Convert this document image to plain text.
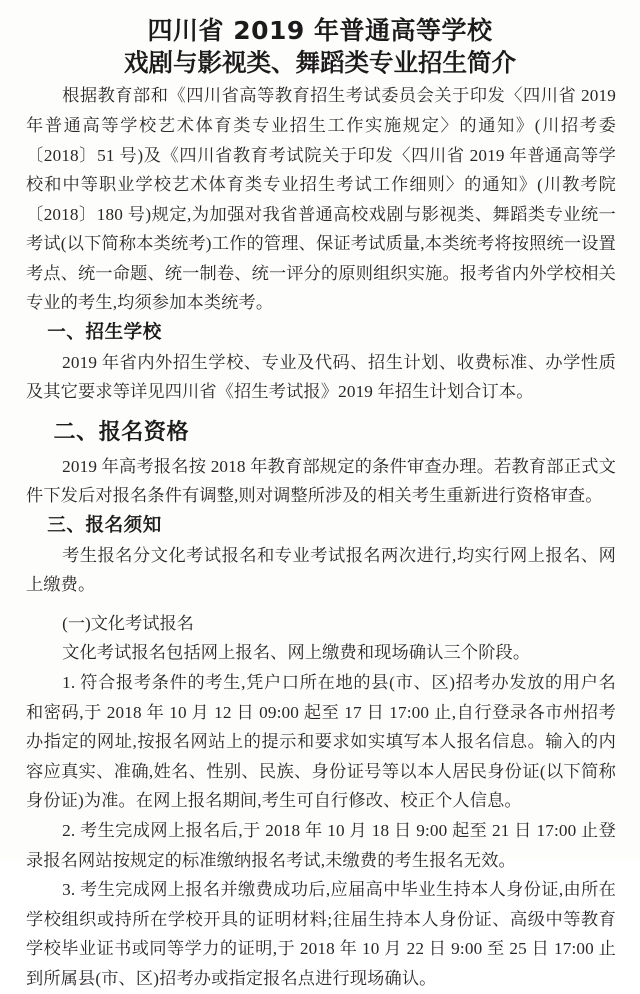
四川省 2019 年普通高等学校
戏剧与影视类、舞蹈类专业招生简介

根据教育部和《四川省高等教育招生考试委员会关于印发〈四川省 2019 年普通高等学校艺术体育类专业招生工作实施规定〉的通知》(川招考委〔2018〕51 号)及《四川省教育考试院关于印发〈四川省 2019 年普通高等学校和中等职业学校艺术体育类专业招生考试工作细则〉的通知》(川教考院〔2018〕180 号)规定,为加强对我省普通高校戏剧与影视类、舞蹈类专业统一考试(以下简称本类统考)工作的管理、保证考试质量,本类统考将按照统一设置考点、统一命题、统一制卷、统一评分的原则组织实施。报考省内外学校相关专业的考生,均须参加本类统考。

一、招生学校

2019 年省内外招生学校、专业及代码、招生计划、收费标准、办学性质及其它要求等详见四川省《招生考试报》2019 年招生计划合订本。

二、报名资格

2019 年高考报名按 2018 年教育部规定的条件审查办理。若教育部正式文件下发后对报名条件有调整,则对调整所涉及的相关考生重新进行资格审查。

三、报名须知

考生报名分文化考试报名和专业考试报名两次进行,均实行网上报名、网上缴费。

(一)文化考试报名

文化考试报名包括网上报名、网上缴费和现场确认三个阶段。

1. 符合报考条件的考生,凭户口所在地的县(市、区)招考办发放的用户名和密码,于 2018 年 10 月 12 日 09:00 起至 17 日 17:00 止,自行登录各市州招考办指定的网址,按报名网站上的提示和要求如实填写本人报名信息。输入的内容应真实、准确,姓名、性别、民族、身份证号等以本人居民身份证(以下简称身份证)为准。在网上报名期间,考生可自行修改、校正个人信息。

2. 考生完成网上报名后,于 2018 年 10 月 18 日 9:00 起至 21 日 17:00 止登录报名网站按规定的标准缴纳报名考试,未缴费的考生报名无效。

3. 考生完成网上报名并缴费成功后,应届高中毕业生持本人身份证,由所在学校组织或持所在学校开具的证明材料;往届生持本人身份证、高级中等教育学校毕业证书或同等学力的证明,于 2018 年 10 月 22 日 9:00 至 25 日 17:00 止到所属县(市、区)招考办或指定报名点进行现场确认。
